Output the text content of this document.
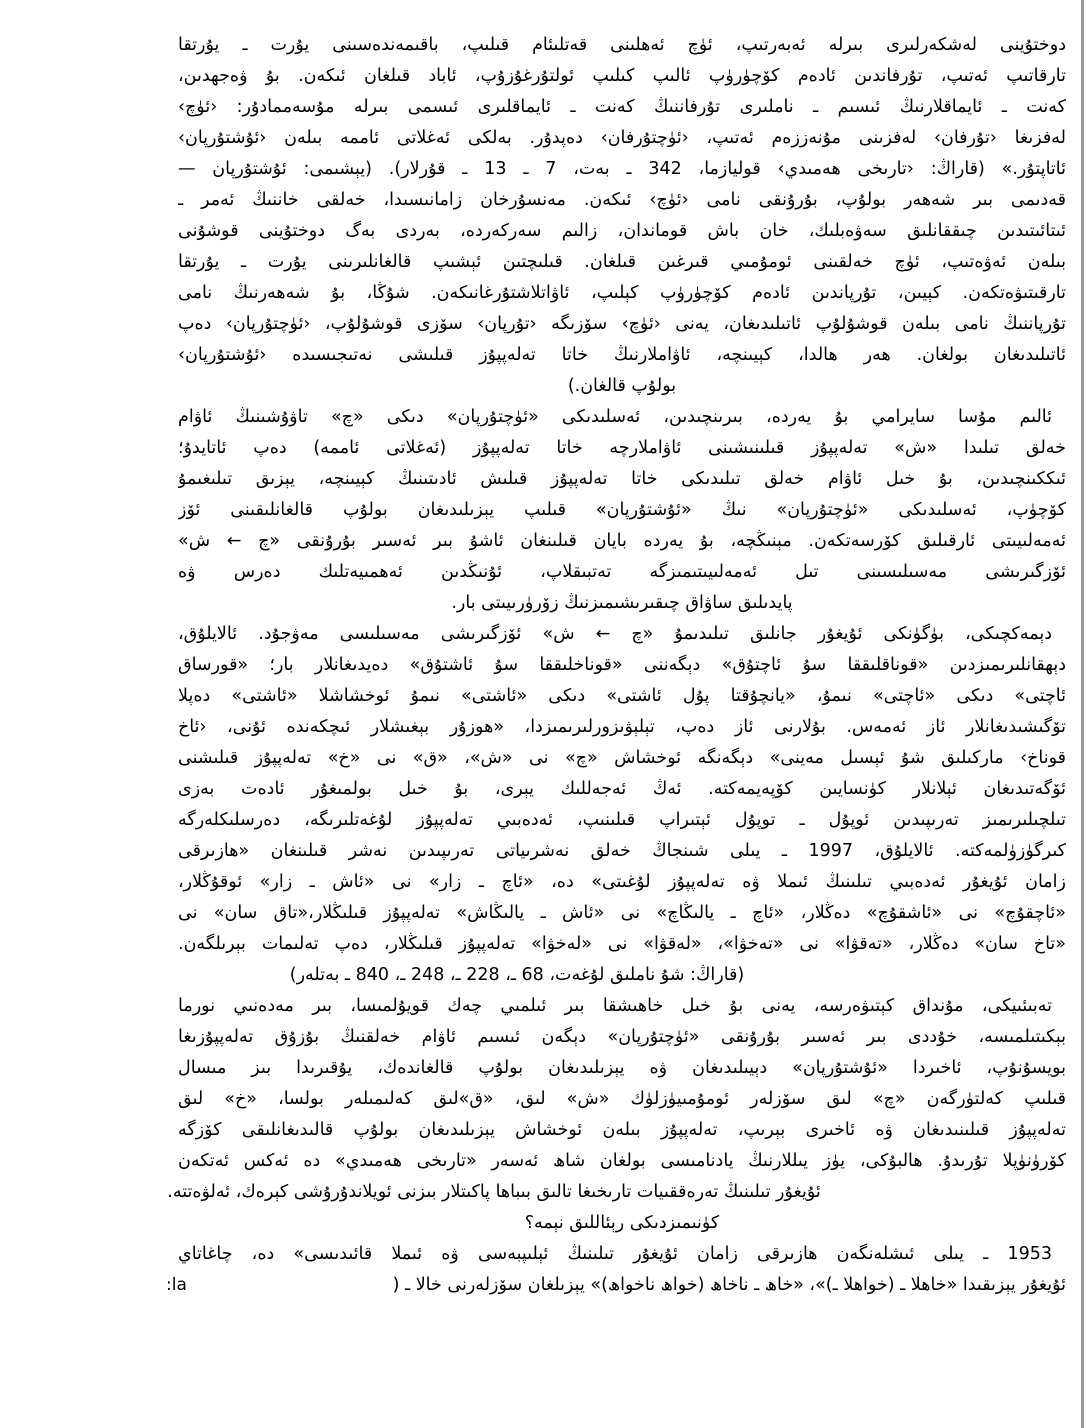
دوختۇينى لەشكەرلىرى بىرلە ئەبەرتىپ، ئۈچ ئەھلىنى قەتلىئام قىلىپ، باقىمەندەسىنى يۇرت ـ يۇرتقا
تارقاتىپ ئەتىپ، تۇرفاندىن ئادەم كۆچۈرۈپ ئالىپ كىلىپ ئولتۇرغۇزۇپ، ئاباد قىلغان ئىكەن. بۇ ۋەجھدىن،
كەنت ـ ئايماقلارنىڭ ئىسىم ـ ناملىرى تۇرفاننىڭ كەنت ـ ئايماقلىرى ئىسمى بىرلە مۇسەممادۇر: ‹ئۈچ›
لەفزىغا ‹تۇرفان› لەفزىنى مۇنەززەم ئەتىپ، ‹ئۈچتۇرفان› دەپدۇر. بەلكى ئەغلاتى ئاممە بىلەن ‹ئۇشتۇرپان›
ئاتاپتۇر.» (قاراڭ: ‹تارىخى ھەمىدي› قوليازما، 342 ـ بەت، 7 ـ 13 ـ قۇرلار). (يېشىمى: ئۇشتۇرپان —
قەدىمى بىر شەھەر بولۇپ، بۇرۇنقى نامى ‹ئۈچ› ئىكەن. مەنسۇرخان زامانىسىدا، خەلقى خاننىڭ ئەمر ـ
ئىتائىتىدىن چىققانلىق سەۋەبلىك، خان باش قوماندان، زالىم سەركەردە، بەردى بەگ دوختۇينى قوشۇنى
بىلەن ئەۋەتىپ، ئۈچ خەلقىنى ئومۇمىي قىرغىن قىلغان. قىلىچتىن ئېشىپ قالغانلىرىنى يۇرت ـ يۇرتقا
تارقىتىۋەتكەن. كېيىن، تۇرپاندىن ئادەم كۆچۈرۈپ كېلىپ، ئاۋاتلاشتۇرغانىكەن. شۇڭا، بۇ شەھەرنىڭ نامى
تۇرپاننىڭ نامى بىلەن قوشۇلۇپ ئاتىلىدىغان، يەنى ‹ئۈچ› سۆزىگە ‹تۇرپان› سۆزى قوشۇلۇپ، ‹ئۈچتۇرپان› دەپ
ئاتىلىدىغان بولغان. ھەر ھالدا، كېيىنچە، ئاۋاملارنىڭ خاتا تەلەپپۇز قىلىشى نەتىجىسىدە ‹ئۇشتۇرپان›
بولۇپ قالغان.)
ئالىم مۇسا سايرامي بۇ يەردە، بىرىنچىدىن، ئەسلىدىكى «ئۈچتۇرپان» دىكى «چ» تاۋۇشىنىڭ ئاۋام
خەلق تىلىدا «ش» تەلەپپۇز قىلىنىشىنى ئاۋاملارچە خاتا تەلەپپۇز (ئەغلاتى ئاممە) دەپ ئاتايدۇ؛
ئىككىنچىدىن، بۇ خىل ئاۋام خەلق تىلىدىكى خاتا تەلەپپۇز قىلىش ئادىتىنىڭ كېيىنچە، يېزىق تىلىغىمۇ
كۆچۈپ، ئەسلىدىكى «ئۈچتۇرپان» نىڭ «ئۇشتۇرپان» قىلىپ يېزىلىدىغان بولۇپ قالغانلىقىنى ئۆز
ئەمەلىيىتى ئارقىلىق كۆرسەتكەن. مېنىڭچە، بۇ يەردە بايان قىلىنغان ئاشۇ بىر ئەسىر بۇرۇنقى «چ ← ش»
ئۆزگىرىشى مەسىلىسىنى تىل ئەمەلىيىتىمىزگە تەتبىقلاپ، ئۇنىڭدىن ئەھمىيەتلىك دەرس ۋە
پايدىلىق ساۋاق چىقىرىشىمىزنىڭ زۆرۈرىيىتى بار.
دېمەكچىكى، بۈگۈنكى ئۇيغۇر جانلىق تىلىدىمۇ «چ ← ش» ئۆزگىرىشى مەسىلىسى مەۋجۇد. ئالايلۇق،
دېھقانلىرىمىزدىن «قوناقلىققا سۇ ئاچتۇق» دېگەننى «قوناخلىققا سۇ ئاشتۇق» دەيدىغانلار بار؛ «قورساق
ئاچتى» دىكى «ئاچتى» نىمۇ، «يانچۇقتا پۇل ئاشتى» دىكى «ئاشتى» نىمۇ ئوخشاشلا «ئاشتى» دەپلا
تۆگىشىدىغانلار ئاز ئەمەس. بۇلارنى ئاز دەپ، تېلېۋىزورلىرىمىزدا، «ھوزۇر بېغىشلار ئىچكەندە ئۇنى، ‹ئاخ
قوناخ› ماركىلىق شۇ ئېسىل مەينى» دېگەنگە ئوخشاش «چ» نى «ش»، «ق» نى «خ» تەلەپپۇز قىلىشنى
ئۆگەتىدىغان ئېلانلار كۈنسايىن كۆپەيمەكتە. ئەڭ ئەجەللىك يېرى، بۇ خىل بولمىغۇر ئادەت بەزى
تىلچىلىرىمىز تەرىپىدىن ئوپۇل ـ توپۇل ئېتىراپ قىلىنىپ، ئەدەبىي تەلەپپۇز لۇغەتلىرىگە، دەرسلىكلەرگە
كىرگۈزۈلمەكتە. ئالايلۇق، 1997 ـ يىلى شىنجاڭ خەلق نەشرىياتى تەرىپىدىن نەشر قىلىنغان «ھازىرقى
زامان ئۇيغۇر ئەدەبىي تىلىنىڭ ئىملا ۋە تەلەپپۇز لۇغىتى» دە، «ئاچ ـ زار» نى «ئاش ـ زار» ئوقۇڭلار،
«ئاچقۇچ» نى «ئاشقۇچ» دەڭلار، «ئاچ ـ يالىڭاچ» نى «ئاش ـ يالىڭاش» تەلەپپۇز قىلىڭلار،«تاق سان» نى
«تاخ سان» دەڭلار، «تەقۋا» نى «تەخۋا»، «لەقۋا» نى «لەخۋا» تەلەپپۇز قىلىڭلار، دەپ تەلىمات بېرىلگەن.
(قاراڭ: شۇ ناملىق لۇغەت، 68 ـ، 228 ـ، 248 ـ، 840 ـ بەتلەر)
تەبىئىيكى، مۇنداق كېتىۋەرسە، يەنى بۇ خىل خاھىشقا بىر ئىلمىي چەك قويۇلمىسا، بىر مەدەنىي نورما
بېكىتىلمىسە، خۇددى بىر ئەسىر بۇرۇنقى «ئۈچتۇرپان» دېگەن ئىسىم ئاۋام خەلقنىڭ بۇزۇق تەلەپپۇزىغا
بويسۇنۇپ، ئاخىردا «ئۇشتۇرپان» دېيىلىدىغان ۋە يېزىلىدىغان بولۇپ قالغاندەك، يۇقىرىدا بىز مىسال
قىلىپ كەلتۈرگەن «چ» لىق سۆزلەر ئومۇمىيۈزلۈك «ش» لىق، «ق»لىق كەلىمىلەر بولسا، «خ» لىق
تەلەپپۇز قىلىنىدىغان ۋە ئاخىرى بېرىپ، تەلەپپۇز بىلەن ئوخشاش يېزىلىدىغان بولۇپ قالىدىغانلىقى كۆزگە
كۆرۈنۈپلا تۇرىدۇ. ھالبۇكى، يۈز يىللارنىڭ يادنامىسى بولغان شاھ ئەسەر «تارىخى ھەمىدي» دە ئەكس ئەتكەن
ئۇيغۇر تىلىنىڭ تەرەققىيات تارىخىغا تالىق بىباھا پاكىتلار بىزنى ئويلاندۇرۇشى كېرەك، ئەلۋەتتە.
كۈنىمىزدىكى رېئاللىق نېمە؟
1953 ـ يىلى ئىشلەنگەن ھازىرقى زامان ئۇيغۇر تىلىنىڭ ئېلىپبەسى ۋە ئىملا قائىدىسى» دە، چاغاتاي
ئۇيغۇر يېزىقىدا «خاھلا ـ (خواھلا ـ)»، «خاھ ـ ناخاھ (خواھ ناخواھ)» يېزىلغان سۆزلەرنى خالا ـ (
:la
